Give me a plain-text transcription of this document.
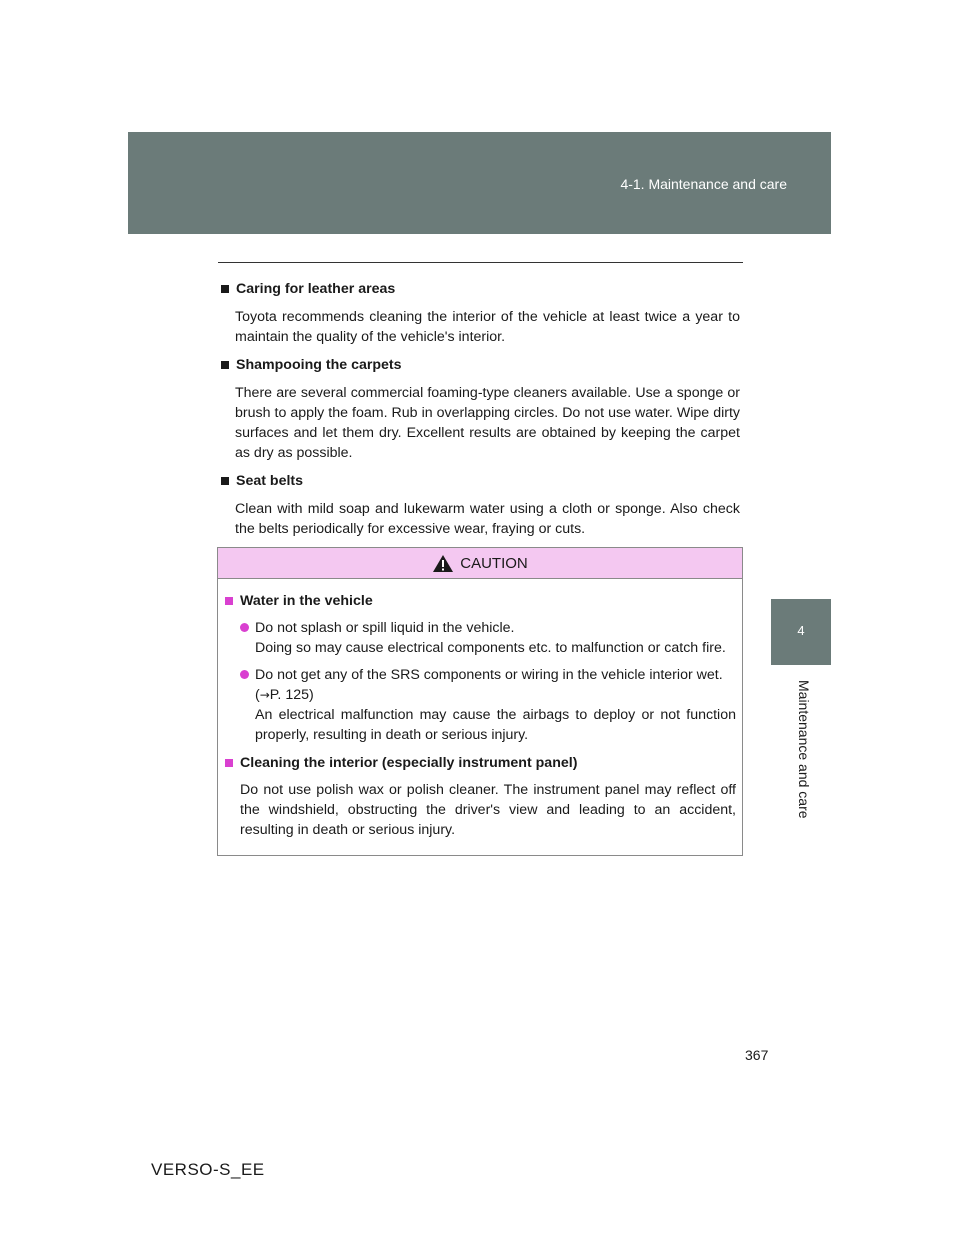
4-1. Maintenance and care
4
Maintenance and care
Caring for leather areas
Toyota recommends cleaning the interior of the vehicle at least twice a year to maintain the quality of the vehicle's interior.
Shampooing the carpets
There are several commercial foaming-type cleaners available. Use a sponge or brush to apply the foam. Rub in overlapping circles. Do not use water. Wipe dirty surfaces and let them dry. Excellent results are obtained by keeping the carpet as dry as possible.
Seat belts
Clean with mild soap and lukewarm water using a cloth or sponge. Also check the belts periodically for excessive wear, fraying or cuts.
CAUTION
Water in the vehicle
Do not splash or spill liquid in the vehicle.
Doing so may cause electrical components etc. to malfunction or catch fire.
Do not get any of the SRS components or wiring in the vehicle interior wet.
(→P. 125)
An electrical malfunction may cause the airbags to deploy or not function properly, resulting in death or serious injury.
Cleaning the interior (especially instrument panel)
Do not use polish wax or polish cleaner. The instrument panel may reflect off the windshield, obstructing the driver's view and leading to an accident, resulting in death or serious injury.
367
VERSO-S_EE
